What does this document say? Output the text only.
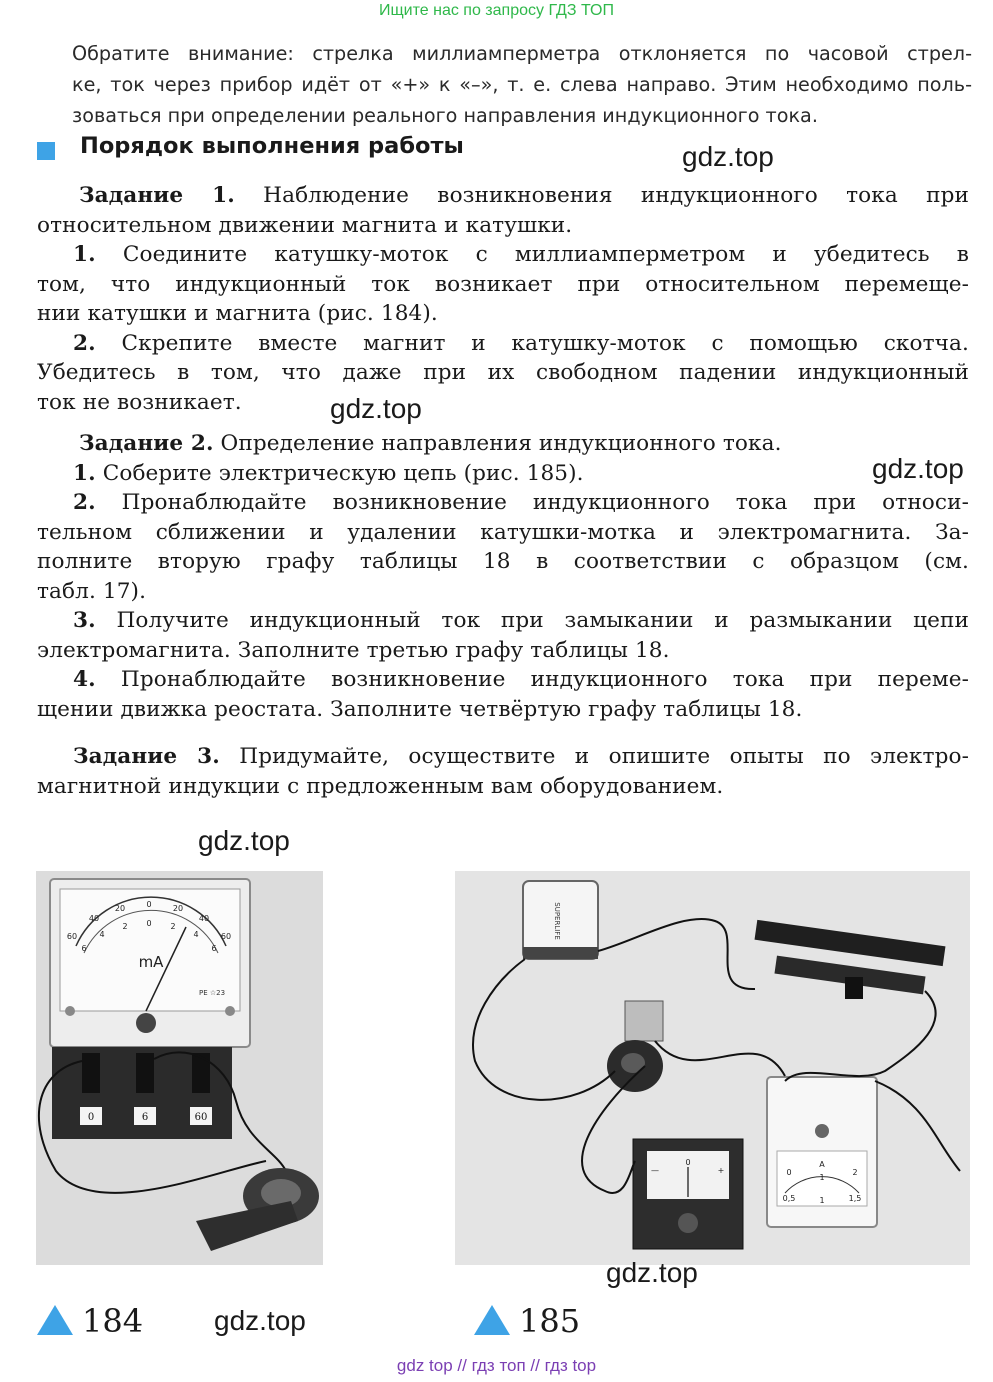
Ищите нас по запросу ГДЗ ТОП
Обратите внимание: стрелка миллиамперметра отклоняется по часовой стрел-
ке, ток через прибор идёт от «+» к «–», т. е. слева направо. Этим необходимо поль-
зоваться при определении реального направления индукционного тока.
Порядок выполнения работы	gdz.top
Задание 1. Наблюдение возникновения индукционного тока при
относительном движении магнита и катушки.
1. Соедините катушку-моток с миллиамперметром и убедитесь в
том, что индукционный ток возникает при относительном перемеще-
нии катушки и магнита (рис. 184).
2. Скрепите вместе магнит и катушку-моток с помощью скотча.
Убедитесь в том, что даже при их свободном падении индукционный
ток не возникает.	gdz.top
Задание 2. Определение направления индукционного тока.
1. Соберите электрическую цепь (рис. 185).
2. Пронаблюдайте возникновение индукционного тока при относи-
тельном сближении и удалении катушки-мотка и электромагнита. За-
полните вторую графу таблицы 18 в соответствии с образцом (см.
табл. 17).
3. Получите индукционный ток при замыкании и размыкании цепи
электромагнита. Заполните третью графу таблицы 18.
4. Пронаблюдайте возникновение индукционного тока при переме-
щении движка реостата. Заполните четвёртую графу таблицы 18.
gdz.top
Задание 3. Придумайте, осуществите и опишите опыты по электро-
магнитной индукции с предложенным вам оборудованием.
gdz.top
mA
60
40
20	0	20
40
60
6
4
2 0 2
4
6
РЕ ☆23
0	6	60
SUPERLIFE
—
0
+
A
0
1
2
0,5	1	1,5
gdz.top
184	gdz.top	185
gdz top // гдз топ // гдз top
